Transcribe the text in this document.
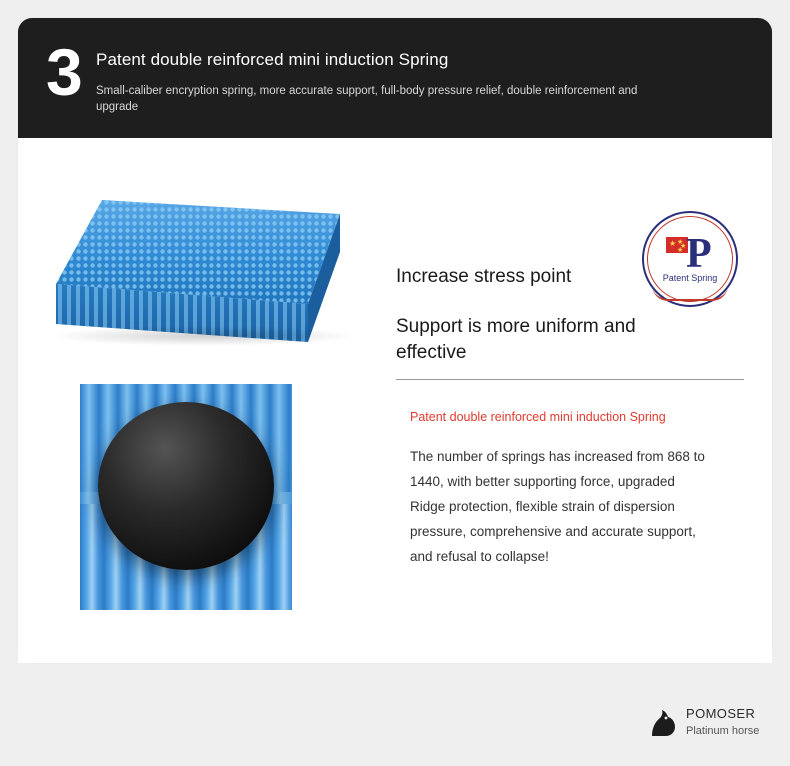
3 Patent double reinforced mini induction Spring
Small-caliber encryption spring, more accurate support, full-body pressure relief, double reinforcement and upgrade
★ ★
★
★ P
Patent Spring
Increase stress point
Support is more uniform and effective
Patent double reinforced mini induction Spring
The number of springs has increased from 868 to 1440, with better supporting force, upgraded Ridge protection, flexible strain of dispersion pressure, comprehensive and accurate support, and refusal to collapse!
POMOSER
Platinum horse
